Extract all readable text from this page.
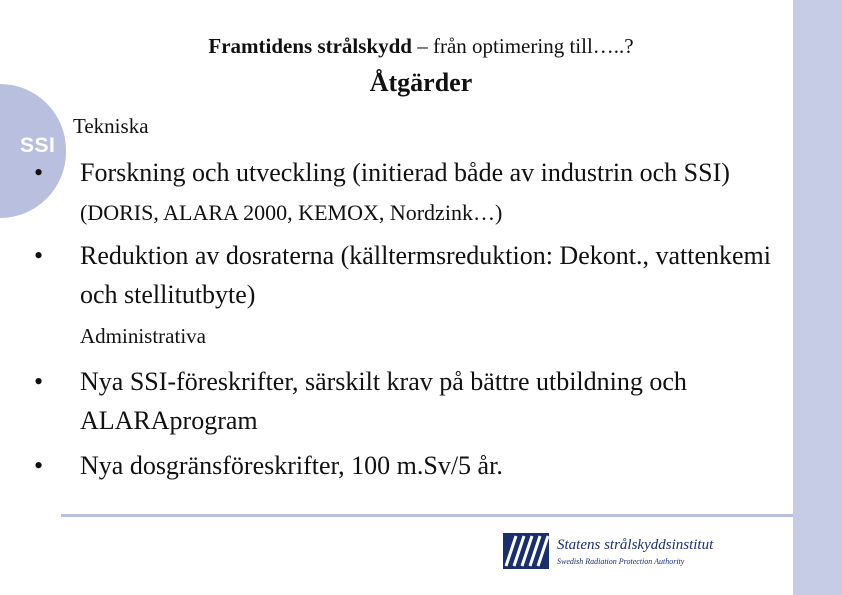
SSI
Framtidens strålskydd – från optimering till…..?
Åtgärder
Tekniska
• Forskning och utveckling (initierad både av industrin och SSI) (DORIS, ALARA 2000, KEMOX, Nordzink…)
• Reduktion av dosraterna (källtermsreduktion: Dekont., vattenkemi och stellitutbyte)
Administrativa
• Nya SSI-föreskrifter, särskilt krav på bättre utbildning och ALARAprogram
• Nya dosgränsföreskrifter, 100 m.Sv/5 år.
Statens strålskyddsinstitut
Swedish Radiation Protection Authority
